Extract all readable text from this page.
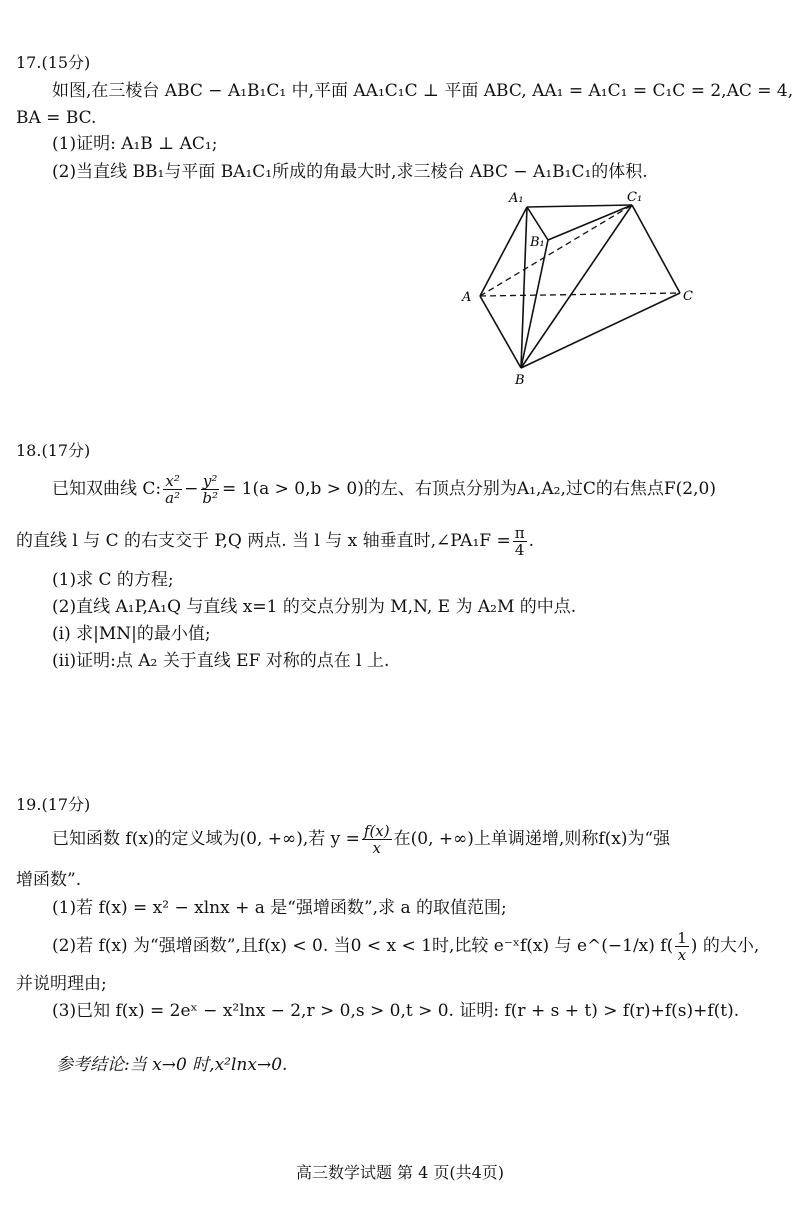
17.(15分)
如图,在三棱台 ABC − A₁B₁C₁ 中,平面 AA₁C₁C ⊥ 平面 ABC, AA₁ = A₁C₁ = C₁C = 2,AC = 4,
BA = BC.
(1)证明: A₁B ⊥ AC₁;
(2)当直线 BB₁与平面 BA₁C₁所成的角最大时,求三棱台 ABC − A₁B₁C₁的体积.
A₁	C₁
B₁
A	C
B
18.(17分)
已知双曲线 C: $\frac{\text{x²}}{\text{a²}} - \frac{\text{y²}}{\text{b²}} = 1(a > 0,b > 0)$的左、右顶点分别为A₁,A₂,过C的右焦点F(2,0)
的直线 l 与 C 的右支交于 P,Q 两点. 当 l 与 x 轴垂直时,∠PA₁F = $\frac{\pi}{4}$ .
(1)求 C 的方程;
(2)直线 A₁P,A₁Q 与直线 x=1 的交点分别为 M,N, E 为 A₂M 的中点.
(i) 求|MN|的最小值;
(ii)证明:点 A₂ 关于直线 EF 对称的点在 l 上.
19.(17分)
已知函数 f(x)的定义域为(0, +∞),若 $y = \frac{f(x)}{x}$ 在(0, +∞)上单调递增,则称f(x)为“强
增函数”.
(1)若 f(x) = x² − xlnx + a 是“强增函数”,求 a 的取值范围;
(2)若 f(x) 为“强增函数”,且f(x) < 0. 当0 < x < 1时,比较 e⁻ˣf(x) 与 e^(−1/x) $f( \frac{1}{x}$ ) 的大小,
并说明理由;
(3)已知 f(x) = 2eˣ − x²lnx − 2,r > 0,s > 0,t > 0. 证明: f(r + s + t) > f(r)+f(s)+f(t).
参考结论:当 x→0 时,x²lnx→0.
高三数学试题 第 4 页(共4页)
